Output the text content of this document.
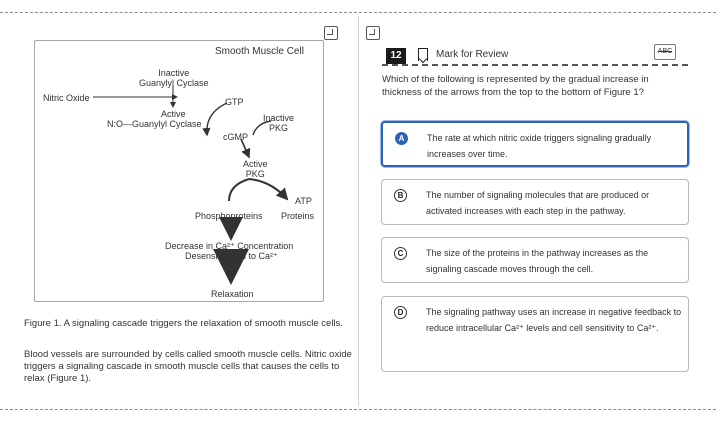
Smooth Muscle Cell
Inactive
Guanylyl Cyclase
Nitric Oxide
Active
N:O—Guanylyl Cyclase
GTP
cGMP
Inactive
PKG
Active
PKG
ATP
Phosphoproteins Proteins
Decrease in Ca²⁺ Concentration
Desensitization to Ca²⁺
Relaxation
Figure 1. A signaling cascade triggers the relaxation of smooth muscle cells.
Blood vessels are surrounded by cells called smooth muscle cells. Nitric oxide triggers a signaling cascade in smooth muscle cells that causes the cells to relax (Figure 1).
12	Mark for Review	ABC
Which of the following is represented by the gradual increase in thickness of the arrows from the top to the bottom of Figure 1?
A	The rate at which nitric oxide triggers signaling gradually increases over time.
B	The number of signaling molecules that are produced or activated increases with each step in the pathway.
C	The size of the proteins in the pathway increases as the signaling cascade moves through the cell.
D	The signaling pathway uses an increase in negative feedback to reduce intracellular Ca²⁺ levels and cell sensitivity to Ca²⁺.
